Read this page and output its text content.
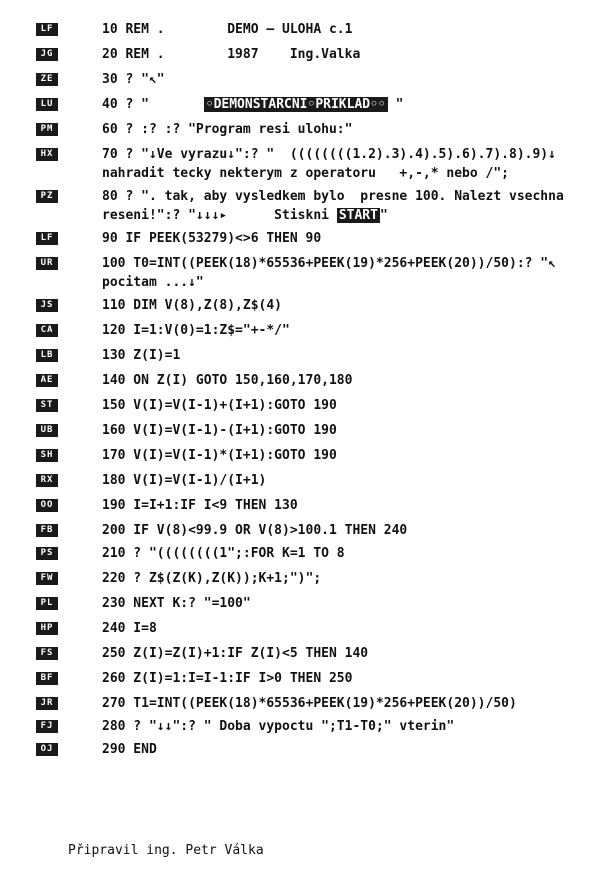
LF	10 REM .        DEMO – ULOHA c.1
JG	20 REM .        1987    Ing.Valka
ZE	30 ? "↖"
LU	40 ? "       ◦DEMONSTARCNI◦PRIKLAD◦◦ "
PM	60 ? :? :? "Program resi ulohu:"
HX	70 ? "↓Ve vyrazu↓":? "  ((((((((1.2).3).4).5).6).7).8).9)↓   nahradit tecky nekterym z operatoru   +,-,* nebo /";
PZ	80 ? ". tak, aby vysledkem bylo  presne 100. Nalezt vsechna reseni!":? "↓↓↓▸      Stiskni START "
LF	90 IF PEEK(53279)<>6 THEN 90
UR	100 T0=INT((PEEK(18)*65536+PEEK(19)*256+PEEK(20))/50):? "↖ pocitam ...↓"
JS	110 DIM V(8),Z(8),Z$(4)
CA	120 I=1:V(0)=1:Z$="+-*/"
LB	130 Z(I)=1
AE	140 ON Z(I) GOTO 150,160,170,180
ST	150 V(I)=V(I-1)+(I+1):GOTO 190
UB	160 V(I)=V(I-1)-(I+1):GOTO 190
SH	170 V(I)=V(I-1)*(I+1):GOTO 190
RX	180 V(I)=V(I-1)/(I+1)
OO	190 I=I+1:IF I<9 THEN 130
FB	200 IF V(8)<99.9 OR V(8)>100.1 THEN 240
PS	210 ? "((((((((1";:FOR K=1 TO 8
FW	220 ? Z$(Z(K),Z(K));K+1;")";
PL	230 NEXT K:? "=100"
HP	240 I=8
FS	250 Z(I)=Z(I)+1:IF Z(I)<5 THEN 140
BF	260 Z(I)=1:I=I-1:IF I>0 THEN 250
JR	270 T1=INT((PEEK(18)*65536+PEEK(19)*256+PEEK(20))/50)
FJ	280 ? "↓↓":? " Doba vypoctu ";T1-T0;" vterin"
OJ	290 END
Připravil ing. Petr Válka
